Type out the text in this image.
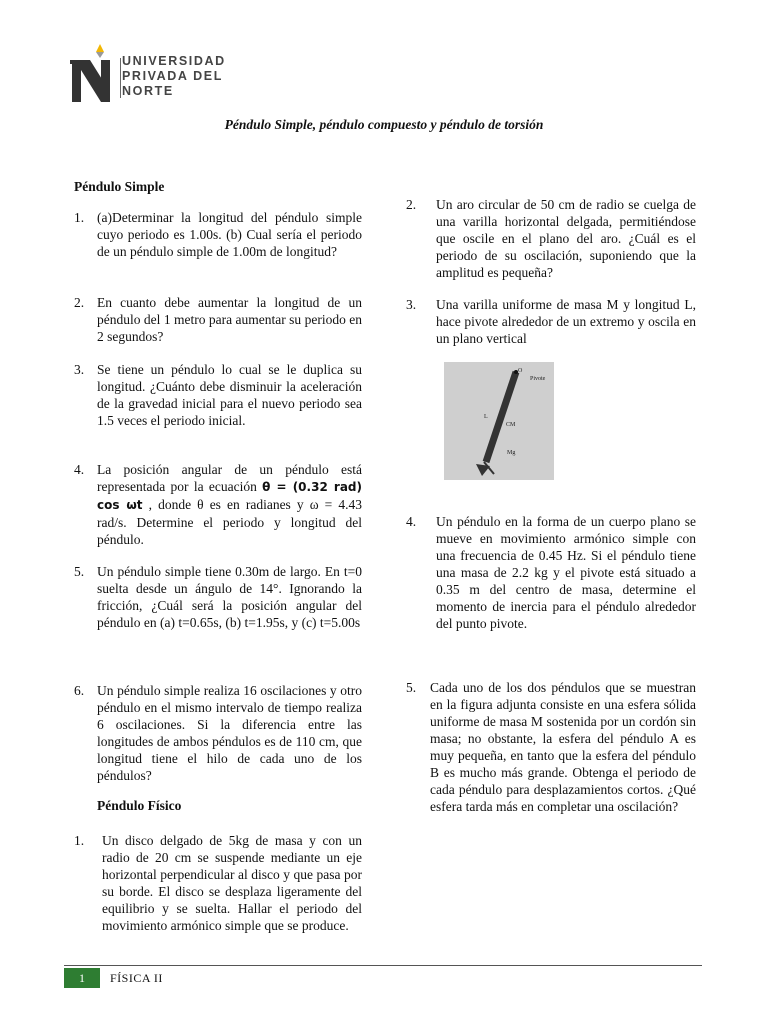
UNIVERSIDAD
PRIVADA DEL NORTE
Péndulo Simple, péndulo compuesto y péndulo de torsión
Péndulo Simple
1. (a)Determinar la longitud del péndulo simple cuyo periodo es 1.00s. (b) Cual sería el periodo de un péndulo simple de 1.00m de longitud?
2. En cuanto debe aumentar la longitud de un péndulo del 1 metro para aumentar su periodo en 2 segundos?
3. Se tiene un péndulo lo cual se le duplica su longitud. ¿Cuánto debe disminuir la aceleración de la gravedad inicial para el nuevo periodo sea 1.5 veces el periodo inicial.
4. La posición angular de un péndulo está representada por la ecuación θ = (0.32 rad) cos ωt , donde θ es en radianes y ω = 4.43 rad/s. Determine el periodo y longitud del péndulo.
5. Un péndulo simple tiene 0.30m de largo. En t=0 suelta desde un ángulo de 14°. Ignorando la fricción, ¿Cuál será la posición angular del péndulo en (a) t=0.65s, (b) t=1.95s, y (c) t=5.00s
6. Un péndulo simple realiza 16 oscilaciones y otro péndulo en el mismo intervalo de tiempo realiza 6 oscilaciones. Si la diferencia entre las longitudes de ambos péndulos es de 110 cm, que longitud tiene el hilo de cada uno de los péndulos?
Péndulo Físico
1. Un disco delgado de 5kg de masa y con un radio de 20 cm se suspende mediante un eje horizontal perpendicular al disco y que pasa por su borde. El disco se desplaza ligeramente del equilibrio y se suelta. Hallar el periodo del movimiento armónico simple que se produce.
2. Un aro circular de 50 cm de radio se cuelga de una varilla horizontal delgada, permitiéndose que oscile en el plano del aro. ¿Cuál es el periodo de su oscilación, suponiendo que la amplitud es pequeña?
3. Una varilla uniforme de masa M y longitud L, hace pivote alrededor de un extremo y oscila en un plano vertical
O
Pivote
L
CM
Mg
4. Un péndulo en la forma de un cuerpo plano se mueve en movimiento armónico simple con una frecuencia de 0.45 Hz. Si el péndulo tiene una masa de 2.2 kg y el pivote está situado a 0.35 m del centro de masa, determine el momento de inercia para el péndulo alrededor del punto pivote.
5. Cada uno de los dos péndulos que se muestran en la figura adjunta consiste en una esfera sólida uniforme de masa M sostenida por un cordón sin masa; no obstante, la esfera del péndulo A es muy pequeña, en tanto que la esfera del péndulo B es mucho más grande. Obtenga el periodo de cada péndulo para desplazamientos cortos. ¿Qué esfera tarda más en completar una oscilación?
1	FÍSICA II
